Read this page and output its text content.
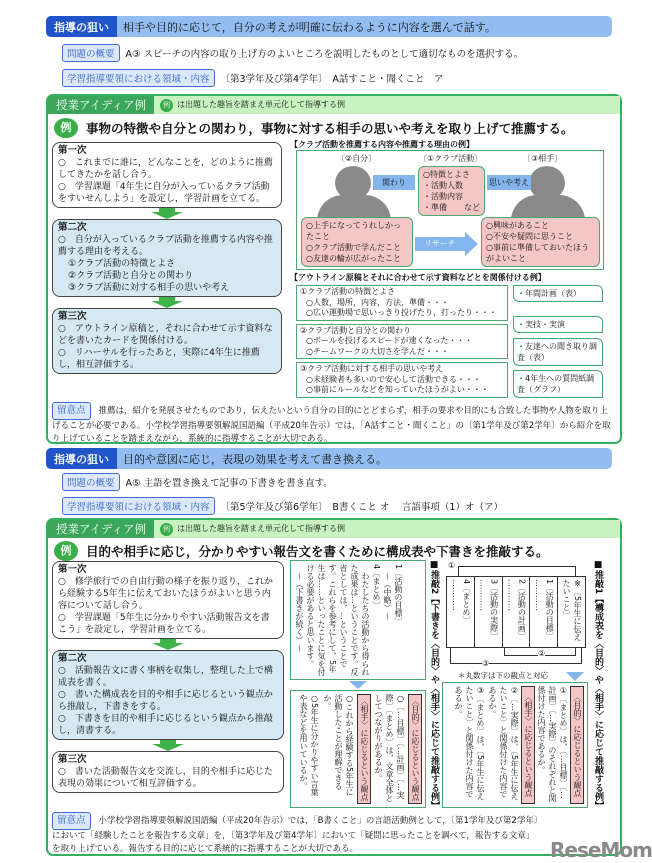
指導の狙い	相手や目的に応じて，自分の考えが明確に伝わるように内容を選んで話す。
問題の概要	A③ スピーチの内容の取り上げ方のよいところを説明したものとして適切なものを選択する。
学習指導要領における領域・内容	〔第3学年及び第4学年〕　A話すこと・聞くこと　ア
授業アイディア例	例 は出題した趣旨を踏まえ単元化して指導する例
例	事物の特徴や自分との関わり，事物に対する相手の思いや考えを取り上げて推薦する。
第一次
○　これまでに誰に，どんなことを，どのように推薦してきたかを話し合う。
○　学習課題「4年生に自分が入っているクラブ活動をすいせんしよう」を設定し，学習計画を立てる。
第二次
○　自分が入っているクラブ活動を推薦する内容や推薦する理由を考える。
①クラブ活動の特徴とよさ
②クラブ活動と自分との関わり
③クラブ活動に対する相手の思いや考え
第三次
○　アウトライン原稿と，それに合わせて示す資料などを書いたカードを関係付ける。
○　リハーサルを行ったあと，実際に4年生に推薦し，相互評価する。
【クラブ活動を推薦する内容や推薦する理由の例】
〔②自分〕	〔①クラブ活動〕	〔③相手〕
関わり	思いや考え
○特徴とよさ
・活動人数
・活動内容
・準備 など
○上手になってうれしかったこと
○クラブ活動で学んだこと
○友達の輪が広がったこと
リサーチ
○興味があること
○不安や疑問に思うこと
○事前に準備しておいたほうがよいこと
【アウトライン原稿とそれに合わせて示す資料などとを関係付ける例】
①クラブ活動の特徴とよさ
○人数，場所，内容，方法，準備・・・
○広い運動場で思いっきり投げたり，打ったり・・・
②クラブ活動と自分との関わり
○ボールを投げるスピードが速くなった・・・
○チームワークの大切さを学んだ・・・
③クラブ活動に対する相手の思いや考え
○未経験者も多いので安心して活動できる・・・
○事前にルールなどを知っていたほうがよい・・・
・年間計画（表）
・実技・実演
・友達への聞き取り調査（表）
・4年生への質問紙調査（グラフ）
留意点 推薦は，紹介を発展させたものであり，伝えたいという自分の目的にとどまらず，相手の要求や目的にも合致した事物や人物を取り上げることが必要である。小学校学習指導要領解説国語編（平成20年告示）では，「A話すこと・聞くこと」の〔第1学年及び第2学年〕から紹介を取り上げていることを踏まえながら，系統的に指導することが大切である。
指導の狙い	目的や意図に応じ，表現の効果を考えて書き換える。
問題の概要	A⑤ 主語を置き換えて記事の下書きを書き直す。
学習指導要領における領域・内容	〔第5学年及び第6学年〕　B書くこと オ　 言語事項（1）オ（ア）
授業アイディア例	例 は出題した趣旨を踏まえ単元化して指導する例
例	目的や相手に応じ，分かりやすい報告文を書くために構成表や下書きを推敲する。
第一次
○　修学旅行での自由行動の様子を振り返り，これから経験する5年生に伝えておいたほうがよいと思う内容について話し合う。
○　学習課題「5年生に分かりやすい活動報告文を書こう」を設定し，学習計画を立てる。
第二次
○　活動報告文に書く事柄を収集し，整理した上で構成表を書く。
○　書いた構成表を目的や相手に応じるという観点から推敲し，下書きをする。
○　下書きを目的や相手に応じるという観点から推敲し，清書する。
第三次
○　書いた活動報告文を交流し，目的や相手に応じた表現の効果について相互評価する。
1〔活動の目標〕
　～（中略）～
4〔まとめ〕
　わたしたちの活動から得られた成果は…ということです。反省としては，…ということです。これらを参考にして，5年生は……といったことに気を付ける必要があると思います。
　～（下書きが続く）～
〈目的〉に応じるという観点
○〔…目標〕〔…計画〕〔…実際〕〔まとめ〕は，文章全体としてつながりがあるか。
〈相手〉に応じるという観点
○これから経験する5年生に活動したことが理解できるか。
○5年生に分かりやすい言葉や表などを用いているか。	■推敲2【下書きを〈目的〉や〈相手〉に応じて推敲する例】 ①
※〔5年生に伝えたいこと〕
1〔活動の目標〕 …………
2〔活動の計画〕 …………
3〔活動の実際〕 …………
4〔まとめ〕 …………
②
③
＊丸数字は下の観点と対応
〈目的〉に応じるという観点
①〔まとめ〕は，〔…目標〕〔…計画〕〔…実際〕のそれぞれと関係付けた内容であるか。
〈相手〉に応じるという観点
②〔…実際〕は，〔5年生に伝えたいこと〕と関係付けた内容であるか。
③〔まとめ〕は，〔5年生に伝えたいこと〕と関係付けた内容であるか。	■推敲1【構成表を〈目的〉や〈相手〉に応じて推敲する例】
留意点 小学校学習指導要領解説国語編（平成20年告示）では，「B書くこと」の言語活動例として，〔第1学年及び第2学年〕において「経験したことを報告する文章」を，〔第3学年及び第4学年〕において「疑問に思ったことを調べて，報告する文章」を取り上げている。報告する目的に応じて系統的に指導することが大切である。	ReseMom
